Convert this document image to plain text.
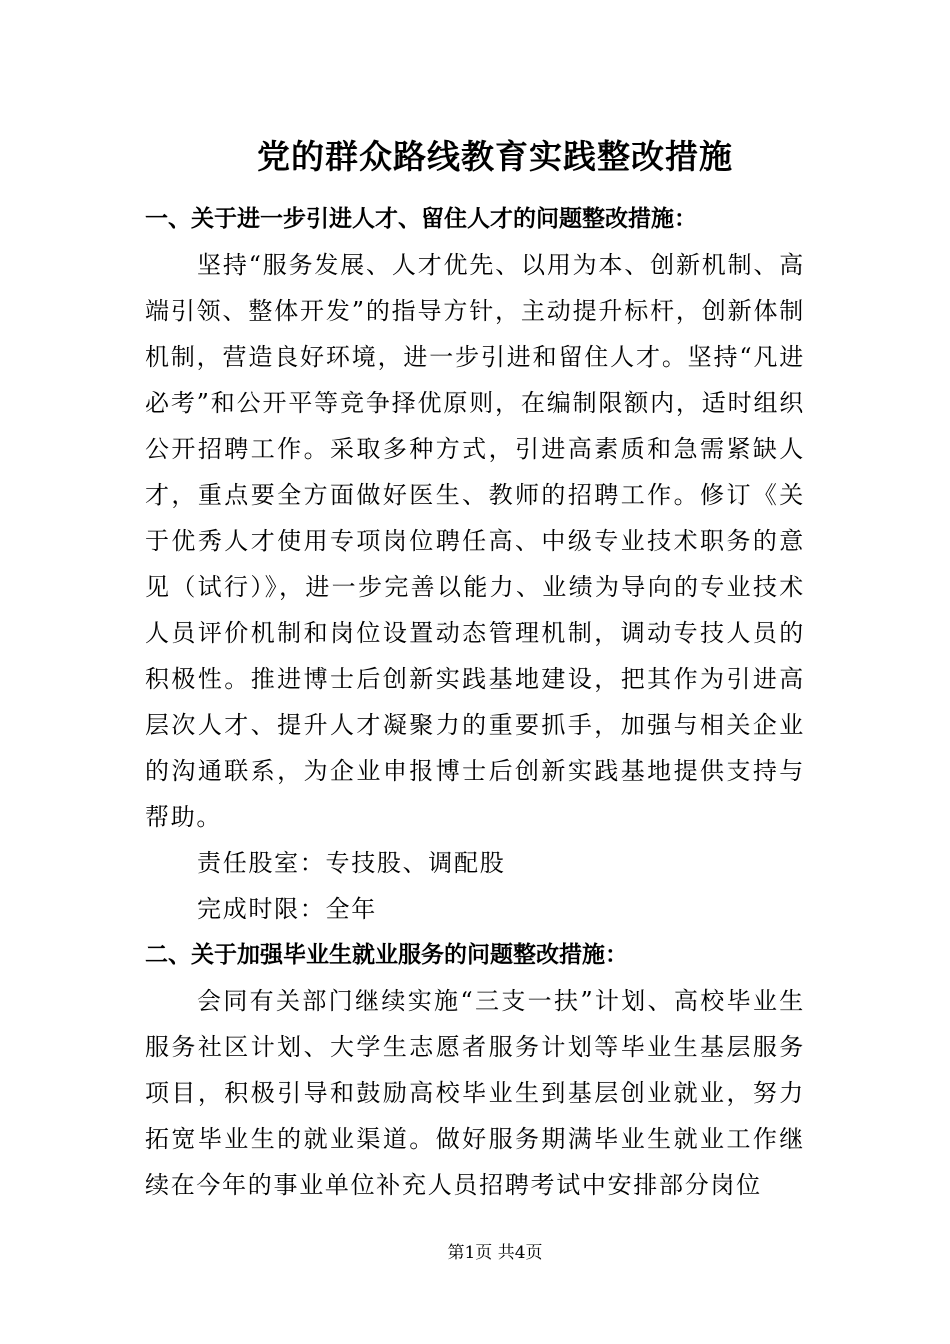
党的群众路线教育实践整改措施

一、关于进一步引进人才、留住人才的问题整改措施：

坚持“服务发展、人才优先、以用为本、创新机制、高端引领、整体开发”的指导方针，主动提升标杆，创新体制机制，营造良好环境，进一步引进和留住人才。坚持“凡进必考”和公开平等竞争择优原则，在编制限额内，适时组织公开招聘工作。采取多种方式，引进高素质和急需紧缺人才，重点要全方面做好医生、教师的招聘工作。修订《关于优秀人才使用专项岗位聘任高、中级专业技术职务的意见（试行）》，进一步完善以能力、业绩为导向的专业技术人员评价机制和岗位设置动态管理机制，调动专技人员的积极性。推进博士后创新实践基地建设，把其作为引进高层次人才、提升人才凝聚力的重要抓手，加强与相关企业的沟通联系，为企业申报博士后创新实践基地提供支持与帮助。

责任股室：专技股、调配股

完成时限：全年

二、关于加强毕业生就业服务的问题整改措施：

会同有关部门继续实施“三支一扶”计划、高校毕业生服务社区计划、大学生志愿者服务计划等毕业生基层服务项目，积极引导和鼓励高校毕业生到基层创业就业，努力拓宽毕业生的就业渠道。做好服务期满毕业生就业工作继续在今年的事业单位补充人员招聘考试中安排部分岗位

第1页 共4页
